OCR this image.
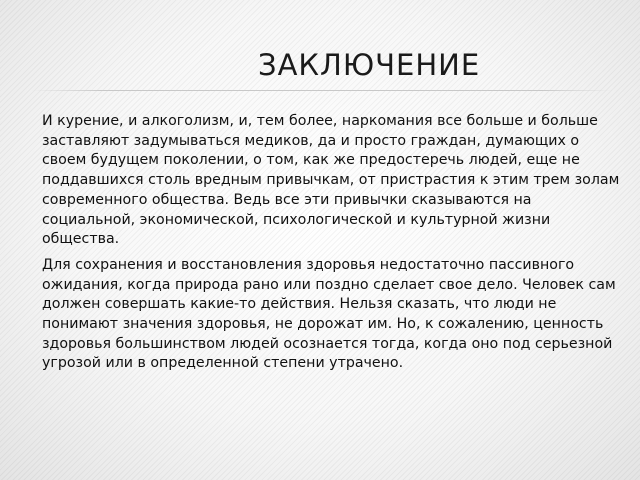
ЗАКЛЮЧЕНИЕ

И курение, и алкоголизм, и, тем более, наркомания все больше и больше заставляют задумываться медиков, да и просто граждан, думающих о своем будущем поколении, о том, как же предостеречь людей, еще не поддавшихся столь вредным привычкам, от пристрастия к этим трем золам современного общества. Ведь все эти привычки сказываются на социальной, экономической, психологической и культурной жизни общества.

Для сохранения и восстановления здоровья недостаточно пассивного ожидания, когда природа рано или поздно сделает свое дело. Человек сам должен совершать какие-то действия. Нельзя сказать, что люди не понимают значения здоровья, не дорожат им. Но, к сожалению, ценность здоровья большинством людей осознается тогда, когда оно под серьезной угрозой или в определенной степени утрачено.
